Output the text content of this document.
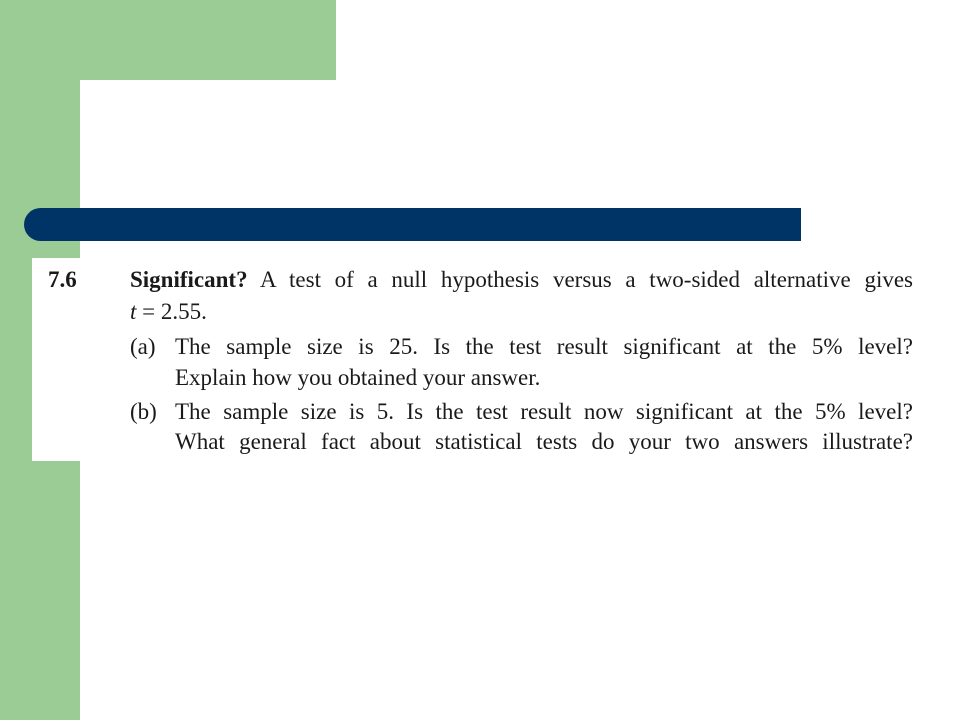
7.6 Significant? A test of a null hypothesis versus a two-sided alternative gives
t = 2.55.
(a) The sample size is 25. Is the test result significant at the 5% level?
Explain how you obtained your answer.
(b) The sample size is 5. Is the test result now significant at the 5% level?
What general fact about statistical tests do your two answers illustrate?
